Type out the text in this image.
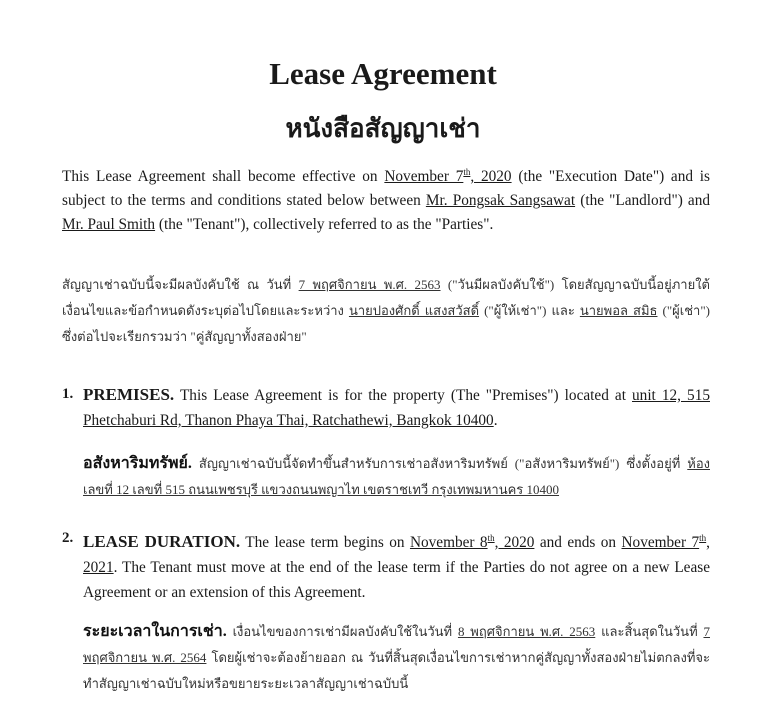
Lease Agreement
หนังสือสัญญาเช่า
This Lease Agreement shall become effective on November 7th, 2020 (the "Execution Date") and is subject to the terms and conditions stated below between Mr. Pongsak Sangsawat (the "Landlord") and Mr. Paul Smith (the "Tenant"), collectively referred to as the "Parties".
สัญญาเช่าฉบับนี้จะมีผลบังคับใช้ ณ วันที่ 7 พฤศจิกายน พ.ศ. 2563 ("วันมีผลบังคับใช้") โดยสัญญาฉบับนี้อยู่ภายใต้เงื่อนไขและข้อกำหนดดังระบุต่อไปโดยและระหว่าง นายปองศักดิ์ แสงสวัสดิ์ ("ผู้ให้เช่า") และ นายพอล สมิธ ("ผู้เช่า") ซึ่งต่อไปจะเรียกรวมว่า "คู่สัญญาทั้งสองฝ่าย"
1. PREMISES. This Lease Agreement is for the property (The "Premises") located at unit 12, 515 Phetchaburi Rd, Thanon Phaya Thai, Ratchathewi, Bangkok 10400.
อสังหาริมทรัพย์. สัญญาเช่าฉบับนี้จัดทำขึ้นสำหรับการเช่าอสังหาริมทรัพย์ ("อสังหาริมทรัพย์") ซึ่งตั้งอยู่ที่ ห้องเลขที่ 12 เลขที่ 515 ถนนเพชรบุรี แขวงถนนพญาไท เขตราชเทวี กรุงเทพมหานคร 10400
2. LEASE DURATION. The lease term begins on November 8th, 2020 and ends on November 7th, 2021. The Tenant must move at the end of the lease term if the Parties do not agree on a new Lease Agreement or an extension of this Agreement.
ระยะเวลาในการเช่า. เงื่อนไขของการเช่ามีผลบังคับใช้ในวันที่ 8 พฤศจิกายน พ.ศ. 2563 และสิ้นสุดในวันที่ 7 พฤศจิกายน พ.ศ. 2564 โดยผู้เช่าจะต้องย้ายออก ณ วันที่สิ้นสุดเงื่อนไขการเช่าหากคู่สัญญาทั้งสองฝ่ายไม่ตกลงที่จะทำสัญญาเช่าฉบับใหม่หรือขยายระยะเวลาสัญญาเช่าฉบับนี้
